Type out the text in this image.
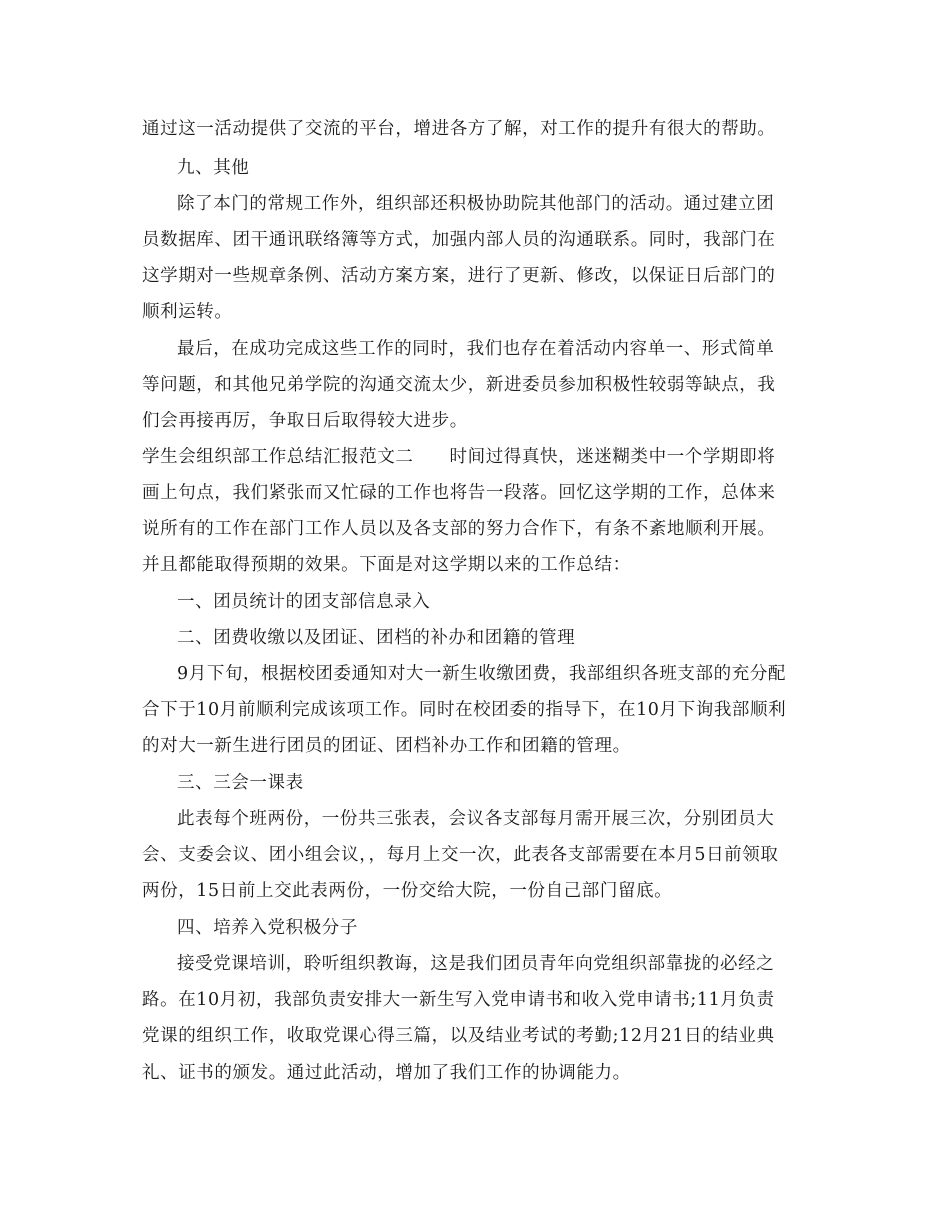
通过这一活动提供了交流的平台，增进各方了解，对工作的提升有很大的帮助。
九、其他
除了本门的常规工作外，组织部还积极协助院其他部门的活动。通过建立团
员数据库、团干通讯联络簿等方式，加强内部人员的沟通联系。同时，我部门在
这学期对一些规章条例、活动方案方案，进行了更新、修改，以保证日后部门的
顺利运转。
最后，在成功完成这些工作的同时，我们也存在着活动内容单一、形式简单
等问题，和其他兄弟学院的沟通交流太少，新进委员参加积极性较弱等缺点，我
们会再接再厉，争取日后取得较大进步。
学生会组织部工作总结汇报范文二 时间过得真快，迷迷糊类中一个学期即将
画上句点，我们紧张而又忙碌的工作也将告一段落。回忆这学期的工作，总体来
说所有的工作在部门工作人员以及各支部的努力合作下，有条不紊地顺利开展。
并且都能取得预期的效果。下面是对这学期以来的工作总结：
一、团员统计的团支部信息录入
二、团费收缴以及团证、团档的补办和团籍的管理
9月下旬，根据校团委通知对大一新生收缴团费，我部组织各班支部的充分配
合下于10月前顺利完成该项工作。同时在校团委的指导下，在10月下询我部顺利
的对大一新生进行团员的团证、团档补办工作和团籍的管理。
三、三会一课表
此表每个班两份，一份共三张表，会议各支部每月需开展三次，分别团员大
会、支委会议、团小组会议，，每月上交一次，此表各支部需要在本月5日前领取
两份，15日前上交此表两份，一份交给大院，一份自己部门留底。
四、培养入党积极分子
接受党课培训，聆听组织教诲，这是我们团员青年向党组织部靠拢的必经之
路。在10月初，我部负责安排大一新生写入党申请书和收入党申请书;11月负责
党课的组织工作，收取党课心得三篇，以及结业考试的考勤;12月21日的结业典
礼、证书的颁发。通过此活动，增加了我们工作的协调能力。
